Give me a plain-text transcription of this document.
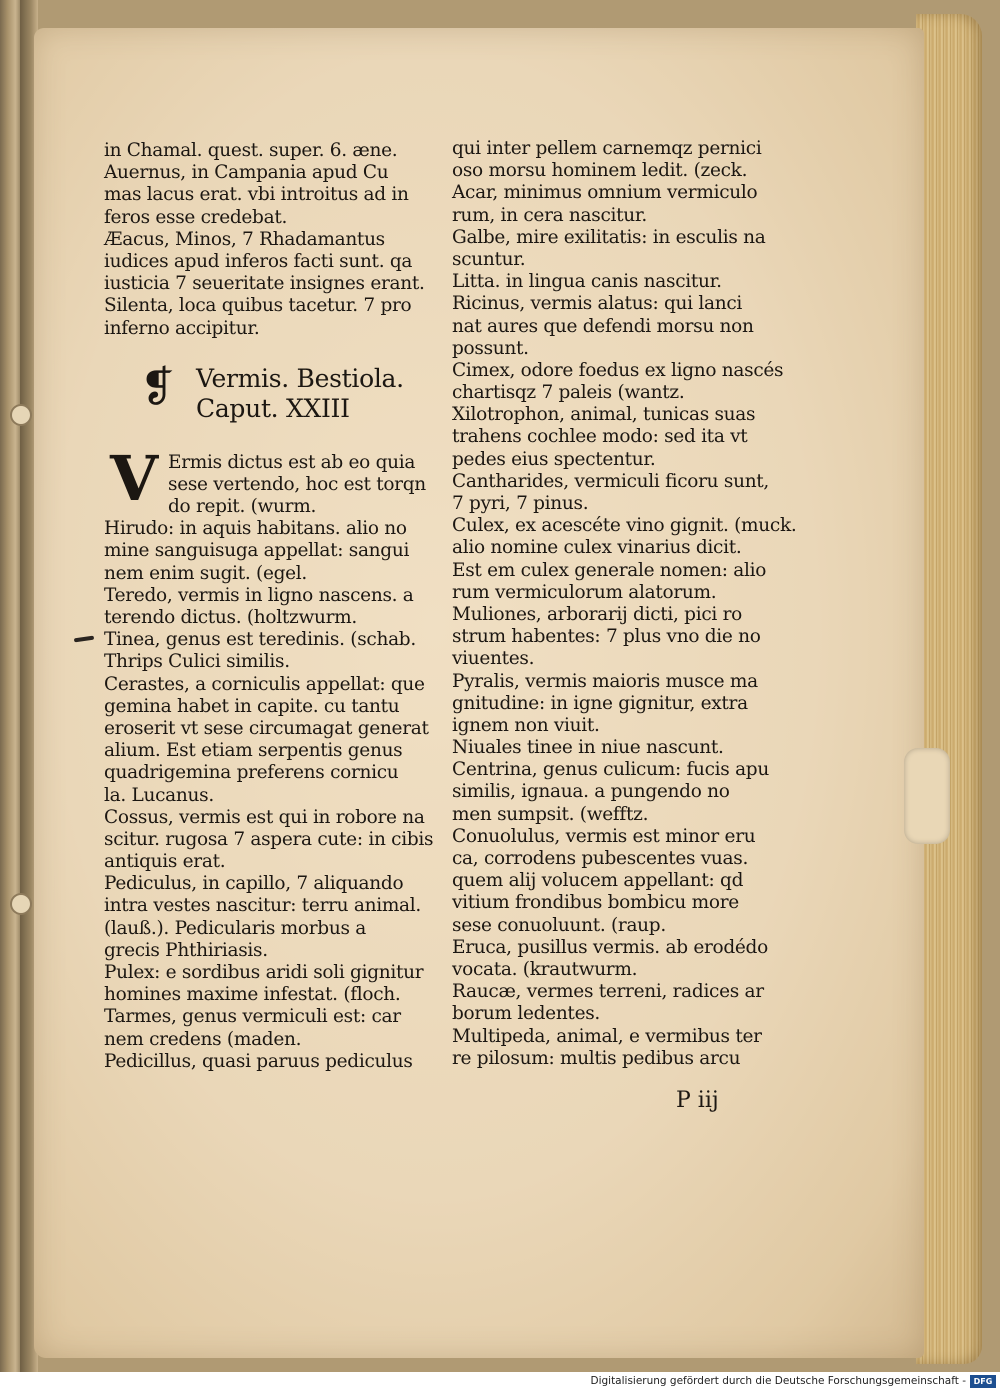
in Chamal. quest. super. 6. æne.
Auernus, in Campania apud Cu
mas lacus erat. vbi introitus ad in
feros esse credebat.
Æacus, Minos, 7 Rhadamantus
iudices apud inferos facti sunt. qa
iusticia 7 seueritate insignes erant.
Silenta, loca quibus tacetur. 7 pro
inferno accipitur.
❡ Vermis. Bestiola.
Caput. XXIII
V Ermis dictus est ab eo quia
sese vertendo, hoc est torqn
do repit. (wurm.
Hirudo: in aquis habitans. alio no
mine sanguisuga appellat: sangui
nem enim sugit. (egel.
Teredo, vermis in ligno nascens. a
terendo dictus. (holtzwurm.
Tinea, genus est teredinis. (schab.
Thrips Culici similis.
Cerastes, a corniculis appellat: que
gemina habet in capite. cu tantu
eroserit vt sese circumagat generat
alium. Est etiam serpentis genus
quadrigemina preferens cornicu
la. Lucanus.
Cossus, vermis est qui in robore na
scitur. rugosa 7 aspera cute: in cibis
antiquis erat.
Pediculus, in capillo, 7 aliquando
intra vestes nascitur: terru animal.
(lauß.). Pedicularis morbus a
grecis Phthiriasis.
Pulex: e sordibus aridi soli gignitur
homines maxime infestat. (floch.
Tarmes, genus vermiculi est: car
nem credens (maden.
Pedicillus, quasi paruus pediculus
qui inter pellem carnemqz pernici
oso morsu hominem ledit. (zeck.
Acar, minimus omnium vermiculo
rum, in cera nascitur.
Galbe, mire exilitatis: in esculis na
scuntur.
Litta. in lingua canis nascitur.
Ricinus, vermis alatus: qui lanci
nat aures que defendi morsu non
possunt.
Cimex, odore foedus ex ligno nascés
chartisqz 7 paleis (wantz.
Xilotrophon, animal, tunicas suas
trahens cochlee modo: sed ita vt
pedes eius spectentur.
Cantharides, vermiculi ficoru sunt,
7 pyri, 7 pinus.
Culex, ex acescéte vino gignit. (muck.
alio nomine culex vinarius dicit.
Est em culex generale nomen: alio
rum vermiculorum alatorum.
Muliones, arborarij dicti, pici ro
strum habentes: 7 plus vno die no
viuentes.
Pyralis, vermis maioris musce ma
gnitudine: in igne gignitur, extra
ignem non viuit.
Niuales tinee in niue nascunt.
Centrina, genus culicum: fucis apu
similis, ignaua. a pungendo no
men sumpsit. (wefftz.
Conuolulus, vermis est minor eru
ca, corrodens pubescentes vuas.
quem alij volucem appellant: qd
vitium frondibus bombicu more
sese conuoluunt. (raup.
Eruca, pusillus vermis. ab erodédo
vocata. (krautwurm.
Raucæ, vermes terreni, radices ar
borum ledentes.
Multipeda, animal, e vermibus ter
re pilosum: multis pedibus arcu
P iij
Digitalisierung gefördert durch die Deutsche Forschungsgemeinschaft - DFG
